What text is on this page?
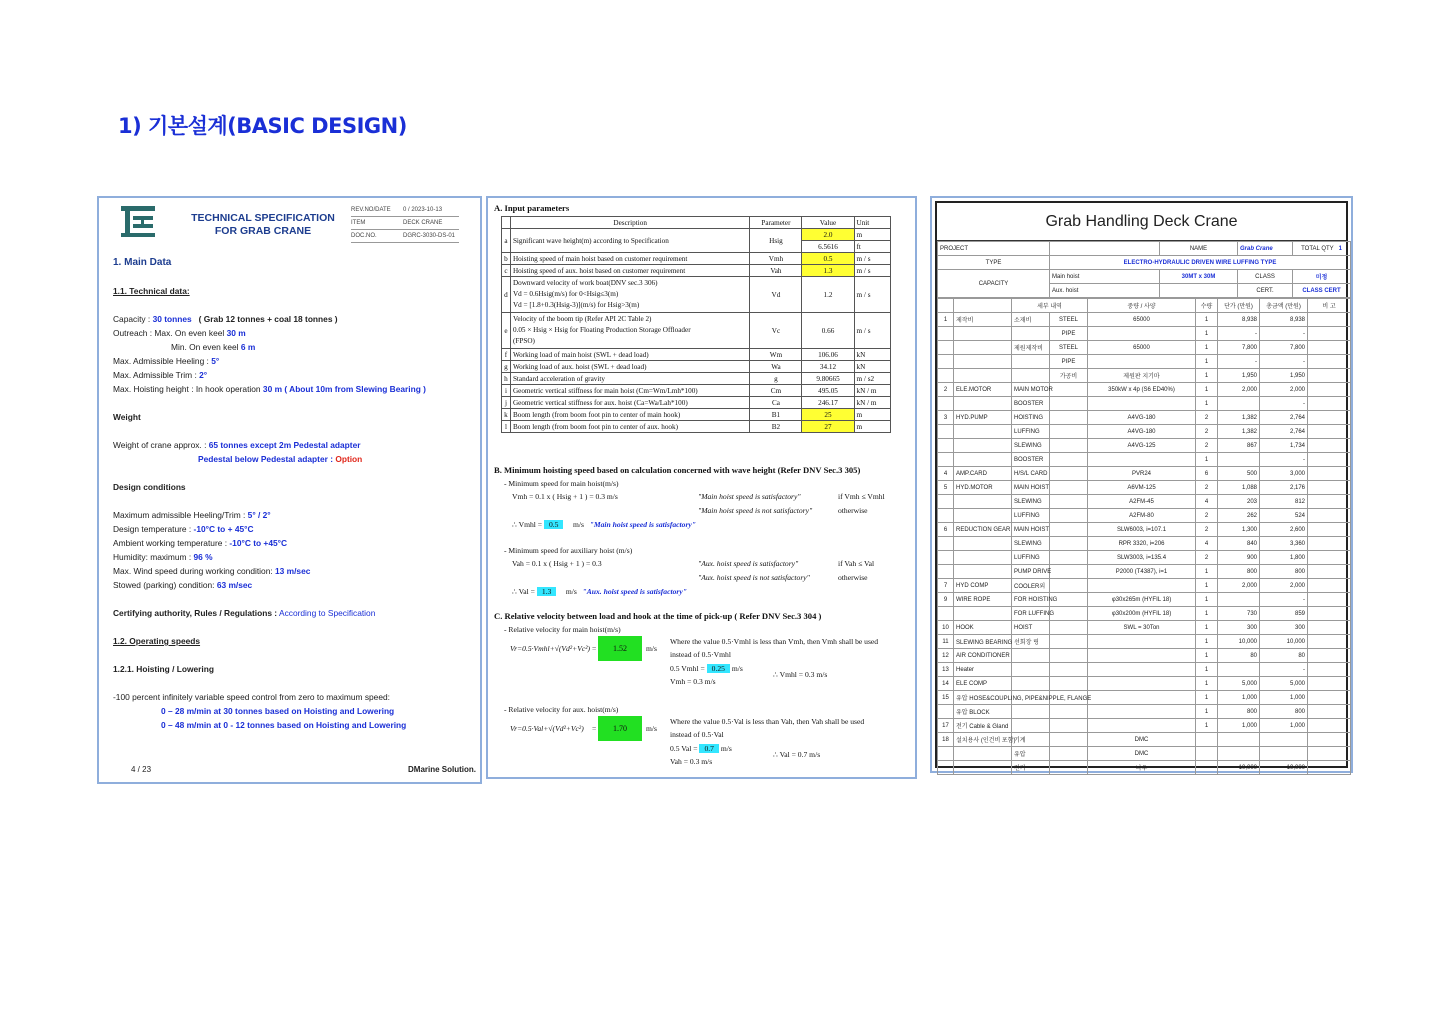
1) 기본설계(BASIC DESIGN)
TECHNICAL SPECIFICATION FOR GRAB CRANE
REV.NO/DATE	0 / 2023-10-13
ITEM	DECK CRANE
DOC.NO.	DGRC-3030-DS-01
1. Main Data
1.1. Technical data:
Capacity : 30 tonnes ( Grab 12 tonnes + coal 18 tonnes )
Outreach : Max. On even keel 30 m
Min. On even keel 6 m
Max. Admissible Heeling : 5°
Max. Admissible Trim : 2°
Max. Hoisting height : In hook operation 30 m ( About 10m from Slewing Bearing )
Weight
Weight of crane approx. : 65 tonnes except 2m Pedestal adapter
Pedestal below Pedestal adapter : Option
Design conditions
Maximum admissible Heeling/Trim : 5° / 2°
Design temperature : -10°C to + 45°C
Ambient working temperature : -10°C to +45°C
Humidity: maximum : 96 %
Max. Wind speed during working condition: 13 m/sec
Stowed (parking) condition: 63 m/sec
Certifying authority, Rules / Regulations : According to Specification
1.2. Operating speeds
1.2.1. Hoisting / Lowering
-100 percent infinitely variable speed control from zero to maximum speed:
0 – 28 m/min at 30 tonnes based on Hoisting and Lowering
0 – 48 m/min at 0 - 12 tonnes based on Hoisting and Lowering
4 / 23	DMarine Solution.
A. Input parameters
	Description	Parameter	Value	Unit
a	Significant wave height(m) according to Specification	Hsig	2.0	m
			6.5616	ft
b	Hoisting speed of main hoist based on customer requirement	Vmh	0.5	m / s
c	Hoisting speed of aux. hoist based on customer requirement	Vah	1.3	m / s
d	Downward velocity of work boat(DNV sec.3 306)
Vd = 0.6Hsig(m/s) for 0<Hsig≤3(m)
Vd = [1.8+0.3(Hsig-3)](m/s) for Hsig>3(m)	Vd	1.2	m / s
e	Velocity of the boom tip (Refer API 2C Table 2)
0.05 × Hsig × Hsig for Floating Production Storage Offloader
(FPSO)	Vc	0.66	m / s
f	Working load of main hoist (SWL + dead load)	Wm	106.06	kN
g	Working load of aux. hoist (SWL + dead load)	Wa	34.12	kN
h	Standard acceleration of gravity	g	9.80665	m / s2
i	Geometric vertical stiffness for main hoist (Cm=Wm/Lmh*100)	Cm	495.05	kN / m
j	Geometric vertical stiffness for aux. hoist (Ca=Wa/Lah*100)	Ca	246.17	kN / m
k	Boom length (from boom foot pin to center of main hook)	B1	25	m
l	Boom length (from boom foot pin to center of aux. hook)	B2	27	m
B. Minimum hoisting speed based on calculation concerned with wave height (Refer DNV Sec.3 305)
- Minimum speed for main hoist(m/s)
Vmh = 0.1 x ( Hsig + 1 ) = 0.3 m/s	"Main hoist speed is satisfactory"	if Vmh ≤ Vmhl
"Main hoist speed is not satisfactory"	otherwise
∴ Vmhl = 0.5 m/s "Main hoist speed is satisfactory"
- Minimum speed for auxiliary hoist (m/s)
Vah = 0.1 x ( Hsig + 1 ) = 0.3	"Aux. hoist speed is satisfactory"	if Vah ≤ Val
"Aux. hoist speed is not satisfactory"	otherwise
∴ Val = 1.3 m/s "Aux. hoist speed is satisfactory"
C. Relative velocity between load and hook at the time of pick-up ( Refer DNV Sec.3 304 )
- Relative velocity for main hoist(m/s)
Vr=0.5·Vmhl+√(Vd²+Vc²) =	1.52	m/s
Where the value 0.5·Vmhl is less than Vmh, then Vmh shall be used
instead of 0.5·Vmhl
0.5 Vmhl = 0.25 m/s
Vmh = 0.3 m/s
∴ Vmhl = 0.3 m/s
- Relative velocity for aux. hoist(m/s)
Vr=0.5·Val+√(Vd²+Vc²) =	1.70	m/s
Where the value 0.5·Val is less than Vah, then Vah shall be used
instead of 0.5·Val
0.5 Val = 0.7 m/s
Vah = 0.3 m/s
∴ Val = 0.7 m/s
Grab Handling Deck Crane
PROJECT		NAME	Grab Crane	TOTAL QTY 1
TYPE	ELECTRO-HYDRAULIC DRIVEN WIRE LUFFING TYPE			
CAPACITY	Main hoist	30MT x 30M	CLASS	미정
	Aux. hoist		CERT.	CLASS CERT
		세부 내역		중량 / 사양	수량	단가 (만원)	총금액 (만원)	비 고
1	제작비	소재비	STEEL	65000	1	8,938	8,938	
			PIPE		1	-	-	
		제원제작비	STEEL	65000	1	7,800	7,800	
			PIPE		1	-	-	
			가공비	제원판 지기마	1	1,950	1,950	
2	ELE.MOTOR	MAIN MOTOR		350kW x 4p (S6 ED40%)	1	2,000	2,000	
		BOOSTER			1		-	
3	HYD.PUMP	HOISTING		A4VG-180	2	1,382	2,764	
		LUFFING		A4VG-180	2	1,382	2,764	
		SLEWING		A4VG-125	2	867	1,734	
		BOOSTER			1		-	
4	AMP.CARD	H/S/L CARD		PVR24	6	500	3,000	
5	HYD.MOTOR	MAIN HOIST		A6VM-125	2	1,088	2,176	
		SLEWING		A2FM-45	4	203	812	
		LUFFING		A2FM-80	2	262	524	
6	REDUCTION GEAR	MAIN HOIST		SLW6003, i=107.1	2	1,300	2,600	
		SLEWING		RPR 3320, i=206	4	840	3,360	
		LUFFING		SLW3003, i=135.4	2	900	1,800	
		PUMP DRIVE		P2000 (T4387), i=1	1	800	800	
7	HYD COMP	COOLER외			1	2,000	2,000	
9	WIRE ROPE	FOR HOISTING		φ30x265m (HYFIL 18)	1		-	
		FOR LUFFING		φ30x200m (HYFIL 18)	1	730	859	
10	HOOK	HOIST		SWL = 30Ton	1	300	300	
11	SLEWING BEARING 선회장 링				1	10,000	10,000	
12	AIR CONDITIONER				1	80	80	
13	Heater				1		-	
14	ELE COMP				1	5,000	5,000	
15	유압 HOSE&COUPLING, PIPE&NIPPLE, FLANGE				1	1,000	1,000	
	유압 BLOCK				1	800	800	
17	전기 Cable & Gland				1	1,000	1,000	
18	설치용사 (인건비 포함)	기계		DMC				
		유압		DMC				
		전기		나우		10,000	10,000	
